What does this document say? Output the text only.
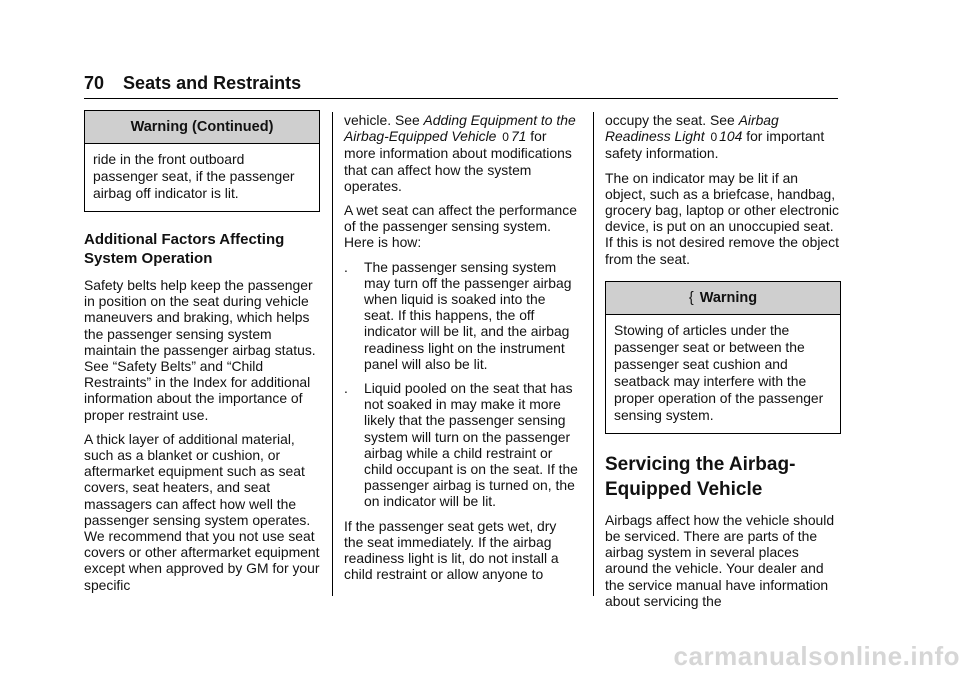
70 Seats and Restraints
Warning (Continued)
ride in the front outboard passenger seat, if the passenger airbag off indicator is lit.
Additional Factors Affecting System Operation

Safety belts help keep the passenger in position on the seat during vehicle maneuvers and braking, which helps the passenger sensing system maintain the passenger airbag status. See “Safety Belts” and “Child Restraints” in the Index for additional information about the importance of proper restraint use.

A thick layer of additional material, such as a blanket or cushion, or aftermarket equipment such as seat covers, seat heaters, and seat massagers can affect how well the passenger sensing system operates. We recommend that you not use seat covers or other aftermarket equipment except when approved by GM for your specific

vehicle. See Adding Equipment to the Airbag-Equipped Vehicle 0 71 for more information about modifications that can affect how the system operates.

A wet seat can affect the performance of the passenger sensing system. Here is how:

. The passenger sensing system may turn off the passenger airbag when liquid is soaked into the seat. If this happens, the off indicator will be lit, and the airbag readiness light on the instrument panel will also be lit.
. Liquid pooled on the seat that has not soaked in may make it more likely that the passenger sensing system will turn on the passenger airbag while a child restraint or child occupant is on the seat. If the passenger airbag is turned on, the on indicator will be lit.

If the passenger seat gets wet, dry the seat immediately. If the airbag readiness light is lit, do not install a child restraint or allow anyone to

occupy the seat. See Airbag Readiness Light 0 104 for important safety information.

The on indicator may be lit if an object, such as a briefcase, handbag, grocery bag, laptop or other electronic device, is put on an unoccupied seat. If this is not desired remove the object from the seat.

{ Warning
Stowing of articles under the passenger seat or between the passenger seat cushion and seatback may interfere with the proper operation of the passenger sensing system.
Servicing the Airbag-Equipped Vehicle

Airbags affect how the vehicle should be serviced. There are parts of the airbag system in several places around the vehicle. Your dealer and the service manual have information about servicing the

carmanualsonline.info
